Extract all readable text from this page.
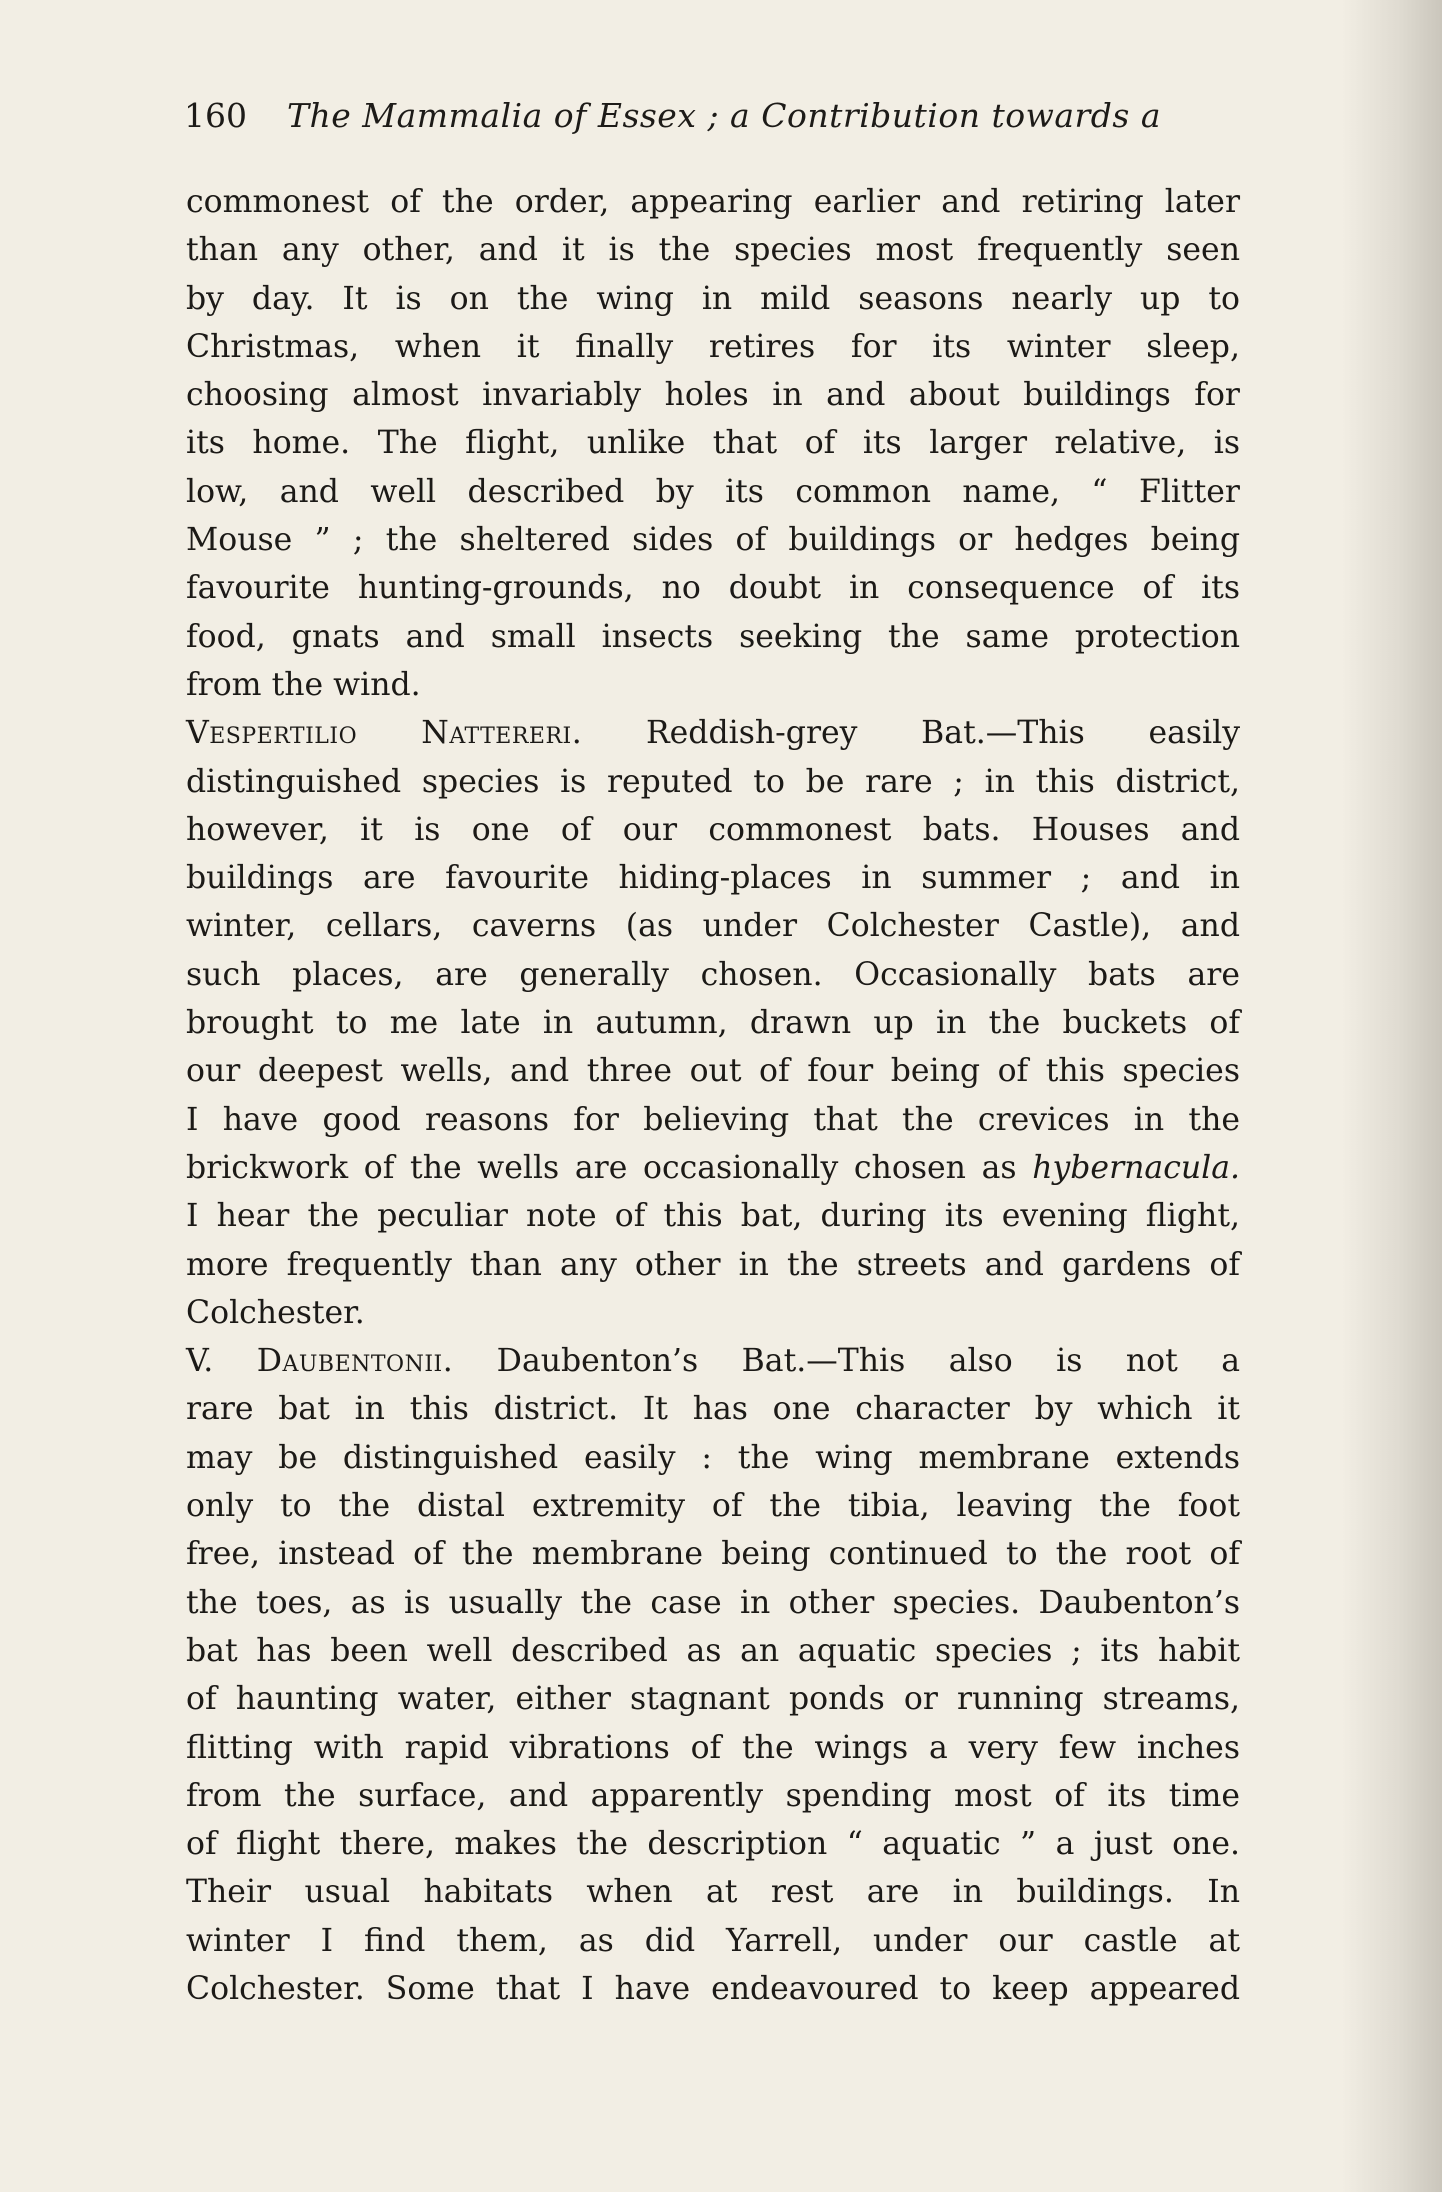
160 The Mammalia of Essex ; a Contribution towards a
commonest of the order, appearing earlier and retiring later
than any other, and it is the species most frequently seen
by day. It is on the wing in mild seasons nearly up to
Christmas, when it finally retires for its winter sleep,
choosing almost invariably holes in and about buildings for
its home. The flight, unlike that of its larger relative, is
low, and well described by its common name, “ Flitter
Mouse ” ; the sheltered sides of buildings or hedges being
favourite hunting-grounds, no doubt in consequence of its
food, gnats and small insects seeking the same protection
from the wind.
Vespertilio Nattereri. Reddish-grey Bat.—This easily
distinguished species is reputed to be rare ; in this district,
however, it is one of our commonest bats. Houses and
buildings are favourite hiding-places in summer ; and in
winter, cellars, caverns (as under Colchester Castle), and
such places, are generally chosen. Occasionally bats are
brought to me late in autumn, drawn up in the buckets of
our deepest wells, and three out of four being of this species
I have good reasons for believing that the crevices in the
brickwork of the wells are occasionally chosen as hybernacula.
I hear the peculiar note of this bat, during its evening flight,
more frequently than any other in the streets and gardens of
Colchester.
V. Daubentonii. Daubenton’s Bat.—This also is not a
rare bat in this district. It has one character by which it
may be distinguished easily : the wing membrane extends
only to the distal extremity of the tibia, leaving the foot
free, instead of the membrane being continued to the root of
the toes, as is usually the case in other species. Daubenton’s
bat has been well described as an aquatic species ; its habit
of haunting water, either stagnant ponds or running streams,
flitting with rapid vibrations of the wings a very few inches
from the surface, and apparently spending most of its time
of flight there, makes the description “ aquatic ” a just one.
Their usual habitats when at rest are in buildings. In
winter I find them, as did Yarrell, under our castle at
Colchester. Some that I have endeavoured to keep appeared
